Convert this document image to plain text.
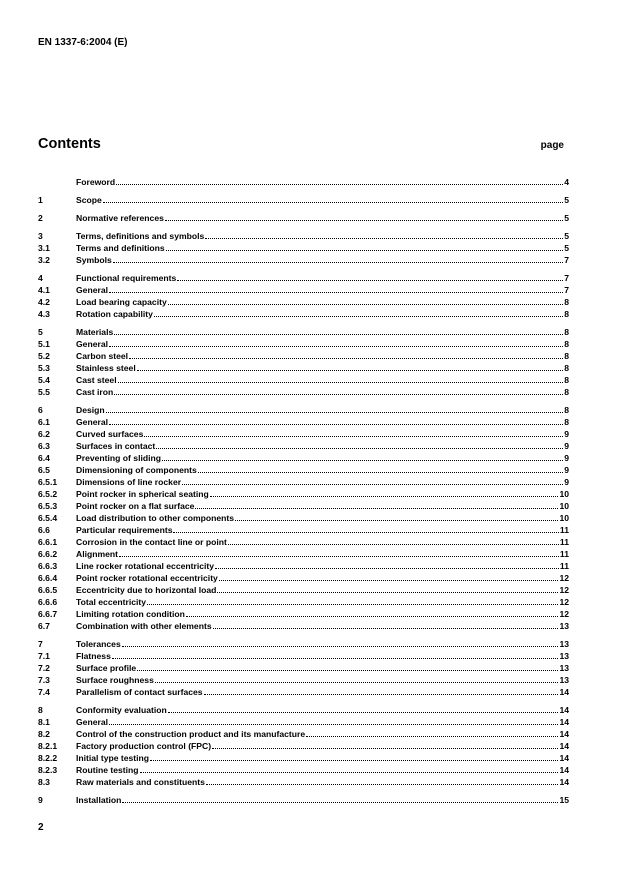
EN 1337-6:2004 (E)
Contents	page
Foreword	4
1	Scope	5
2	Normative references	5
3	Terms, definitions and symbols	5
3.1	Terms and definitions	5
3.2	Symbols	7
4	Functional requirements	7
4.1	General	7
4.2	Load bearing capacity	8
4.3	Rotation capability	8
5	Materials	8
5.1	General	8
5.2	Carbon steel	8
5.3	Stainless steel	8
5.4	Cast steel	8
5.5	Cast iron	8
6	Design	8
6.1	General	8
6.2	Curved surfaces	9
6.3	Surfaces in contact	9
6.4	Preventing of sliding	9
6.5	Dimensioning of components	9
6.5.1	Dimensions of line rocker	9
6.5.2	Point rocker in spherical seating	10
6.5.3	Point rocker on a flat surface	10
6.5.4	Load distribution to other components	10
6.6	Particular requirements	11
6.6.1	Corrosion in the contact line or point	11
6.6.2	Alignment	11
6.6.3	Line rocker rotational eccentricity	11
6.6.4	Point rocker rotational eccentricity	12
6.6.5	Eccentricity due to horizontal load	12
6.6.6	Total eccentricity	12
6.6.7	Limiting rotation condition	12
6.7	Combination with other elements	13
7	Tolerances	13
7.1	Flatness	13
7.2	Surface profile	13
7.3	Surface roughness	13
7.4	Parallelism of contact surfaces	14
8	Conformity evaluation	14
8.1	General	14
8.2	Control of the construction product and its manufacture	14
8.2.1	Factory production control (FPC)	14
8.2.2	Initial type testing	14
8.2.3	Routine testing	14
8.3	Raw materials and constituents	14
9	Installation	15
2
